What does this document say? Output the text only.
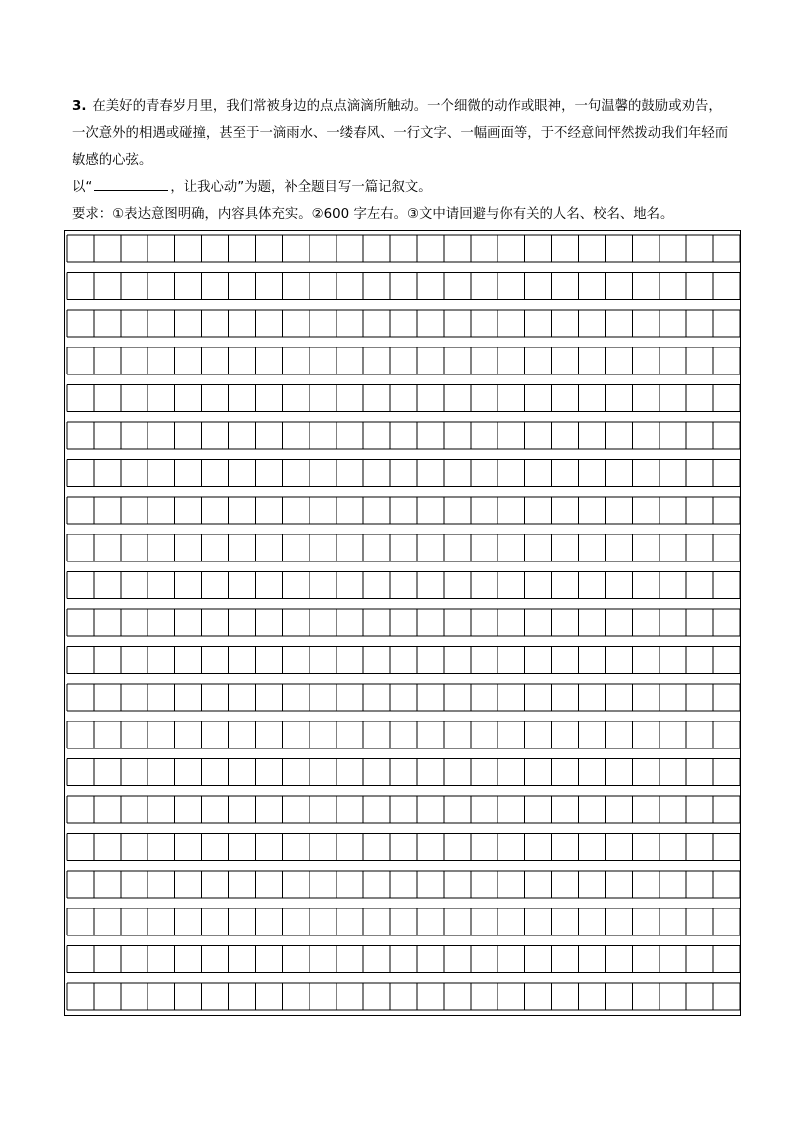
3. 在美好的青春岁月里，我们常被身边的点点滴滴所触动。一个细微的动作或眼神，一句温馨的鼓励或劝告，一次意外的相遇或碰撞，甚至于一滴雨水、一缕春风、一行文字、一幅画面等，于不经意间怦然拨动我们年轻而敏感的心弦。

以“	，让我心动”为题，补全题目写一篇记叙文。

要求：①表达意图明确，内容具体充实。②600 字左右。③文中请回避与你有关的人名、校名、地名。
